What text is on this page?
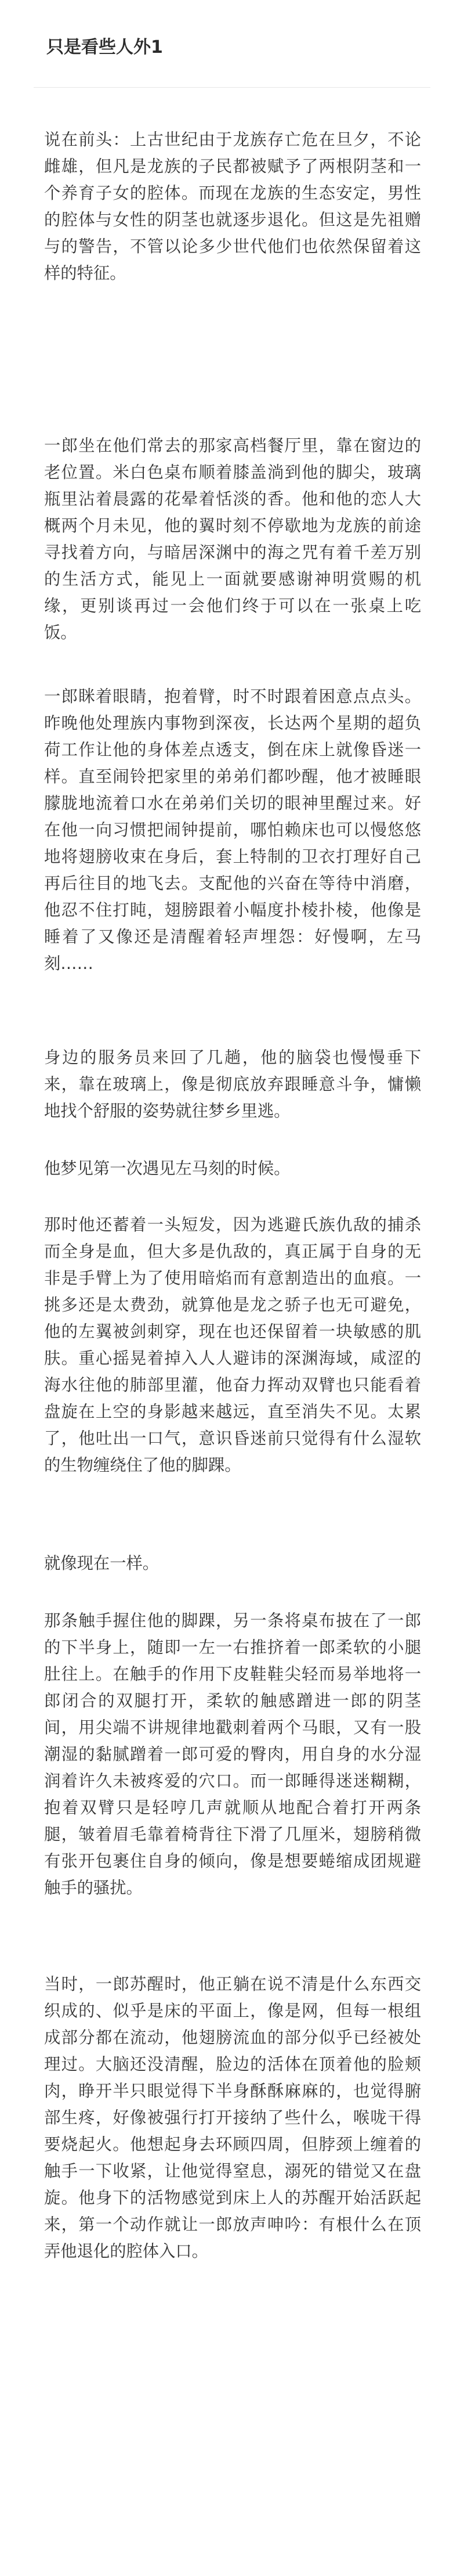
只是看些人外1

说在前头：上古世纪由于龙族存亡危在旦夕，不论雌雄，但凡是龙族的子民都被赋予了两根阴茎和一个养育子女的腔体。而现在龙族的生态安定，男性的腔体与女性的阴茎也就逐步退化。但这是先祖赠与的警告，不管以论多少世代他们也依然保留着这样的特征。

一郎坐在他们常去的那家高档餐厅里，靠在窗边的老位置。米白色桌布顺着膝盖淌到他的脚尖，玻璃瓶里沾着晨露的花晕着恬淡的香。他和他的恋人大概两个月未见，他的翼时刻不停歇地为龙族的前途寻找着方向，与暗居深渊中的海之咒有着千差万别的生活方式，能见上一面就要感谢神明赏赐的机缘，更别谈再过一会他们终于可以在一张桌上吃饭。

一郎眯着眼睛，抱着臂，时不时跟着困意点点头。昨晚他处理族内事物到深夜，长达两个星期的超负荷工作让他的身体差点透支，倒在床上就像昏迷一样。直至闹铃把家里的弟弟们都吵醒，他才被睡眼朦胧地流着口水在弟弟们关切的眼神里醒过来。好在他一向习惯把闹钟提前，哪怕赖床也可以慢悠悠地将翅膀收束在身后，套上特制的卫衣打理好自己再后往目的地飞去。支配他的兴奋在等待中消磨，他忍不住打盹，翅膀跟着小幅度扑棱扑棱，他像是睡着了又像还是清醒着轻声埋怨：好慢啊，左马刻……

身边的服务员来回了几趟，他的脑袋也慢慢垂下来，靠在玻璃上，像是彻底放弃跟睡意斗争，慵懒地找个舒服的姿势就往梦乡里逃。

他梦见第一次遇见左马刻的时候。

那时他还蓄着一头短发，因为逃避氏族仇敌的捕杀而全身是血，但大多是仇敌的，真正属于自身的无非是手臂上为了使用暗焰而有意割造出的血痕。一挑多还是太费劲，就算他是龙之骄子也无可避免，他的左翼被剑刺穿，现在也还保留着一块敏感的肌肤。重心摇晃着掉入人人避讳的深渊海域，咸涩的海水往他的肺部里灌，他奋力挥动双臂也只能看着盘旋在上空的身影越来越远，直至消失不见。太累了，他吐出一口气，意识昏迷前只觉得有什么湿软的生物缠绕住了他的脚踝。

就像现在一样。

那条触手握住他的脚踝，另一条将桌布披在了一郎的下半身上，随即一左一右推挤着一郎柔软的小腿肚往上。在触手的作用下皮鞋鞋尖轻而易举地将一郎闭合的双腿打开，柔软的触感蹭进一郎的阴茎间，用尖端不讲规律地戳刺着两个马眼，又有一股潮湿的黏腻蹭着一郎可爱的臀肉，用自身的水分湿润着许久未被疼爱的穴口。而一郎睡得迷迷糊糊，抱着双臂只是轻哼几声就顺从地配合着打开两条腿，皱着眉毛靠着椅背往下滑了几厘米，翅膀稍微有张开包裹住自身的倾向，像是想要蜷缩成团规避触手的骚扰。

当时，一郎苏醒时，他正躺在说不清是什么东西交织成的、似乎是床的平面上，像是网，但每一根组成部分都在流动，他翅膀流血的部分似乎已经被处理过。大脑还没清醒，脸边的活体在顶着他的脸颊肉，睁开半只眼觉得下半身酥酥麻麻的，也觉得腑部生疼，好像被强行打开接纳了些什么，喉咙干得要烧起火。他想起身去环顾四周，但脖颈上缠着的触手一下收紧，让他觉得窒息，溺死的错觉又在盘旋。他身下的活物感觉到床上人的苏醒开始活跃起来，第一个动作就让一郎放声呻吟：有根什么在顶弄他退化的腔体入口。
